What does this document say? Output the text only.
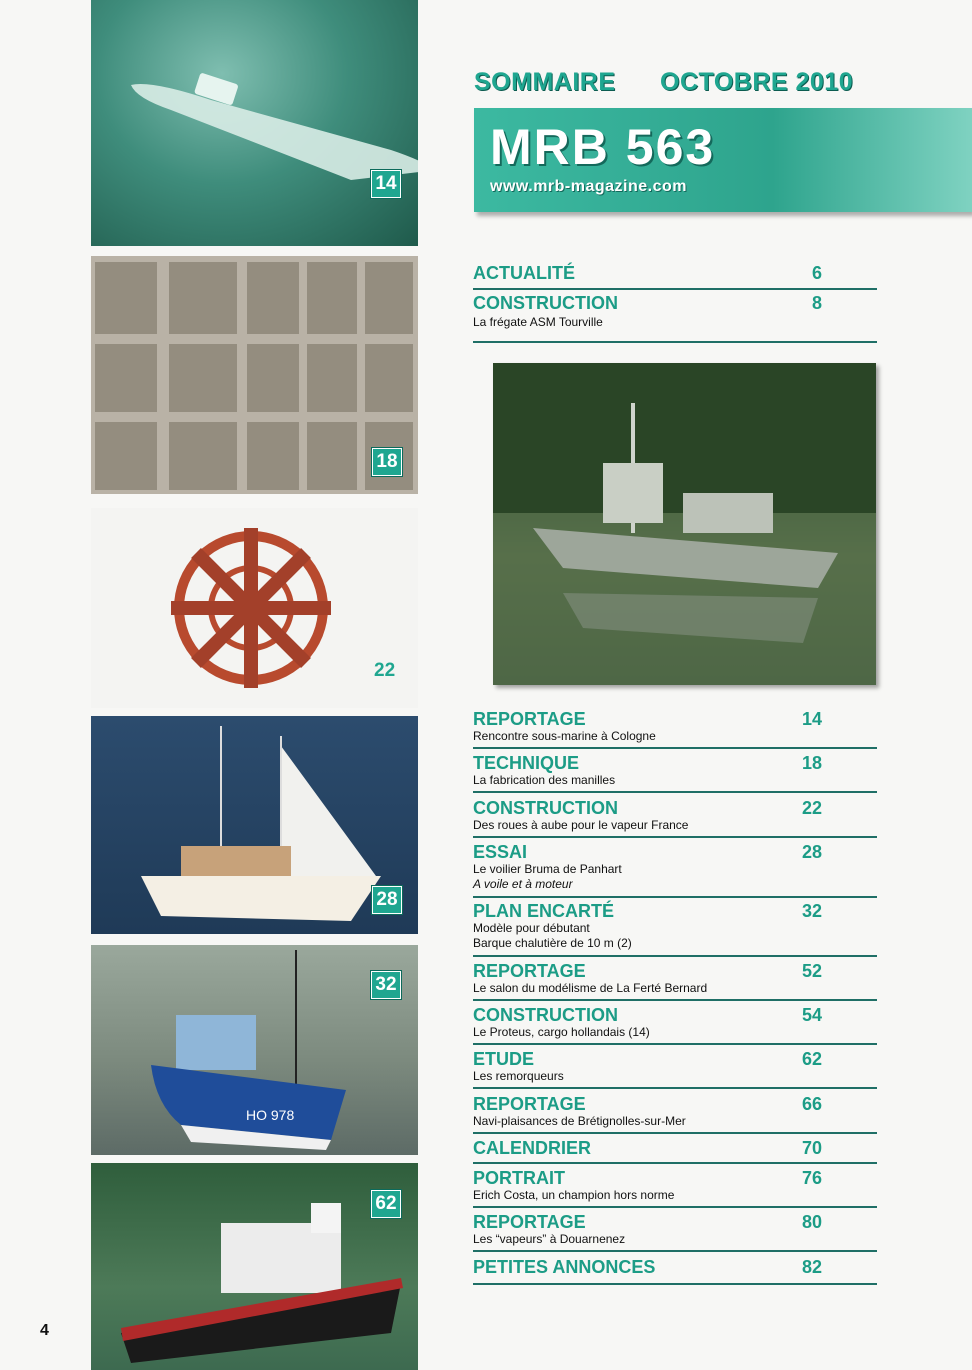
14
18
22
28
HO 978
32
62
4
SOMMAIRE OCTOBRE 2010
MRB 563
www.mrb-magazine.com
ACTUALITÉ	6
CONSTRUCTION	8
La frégate ASM Tourville
REPORTAGE	14
Rencontre sous-marine à Cologne
TECHNIQUE	18
La fabrication des manilles
CONSTRUCTION	22
Des roues à aube pour le vapeur France
ESSAI	28
Le voilier Bruma de Panhart
A voile et à moteur
PLAN ENCARTÉ	32
Modèle pour débutant
Barque chalutière de 10 m (2)
REPORTAGE	52
Le salon du modélisme de La Ferté Bernard
CONSTRUCTION	54
Le Proteus, cargo hollandais (14)
ETUDE	62
Les remorqueurs
REPORTAGE	66
Navi-plaisances de Brétignolles-sur-Mer
CALENDRIER	70
PORTRAIT	76
Erich Costa, un champion hors norme
REPORTAGE	80
Les “vapeurs” à Douarnenez
PETITES ANNONCES	82
